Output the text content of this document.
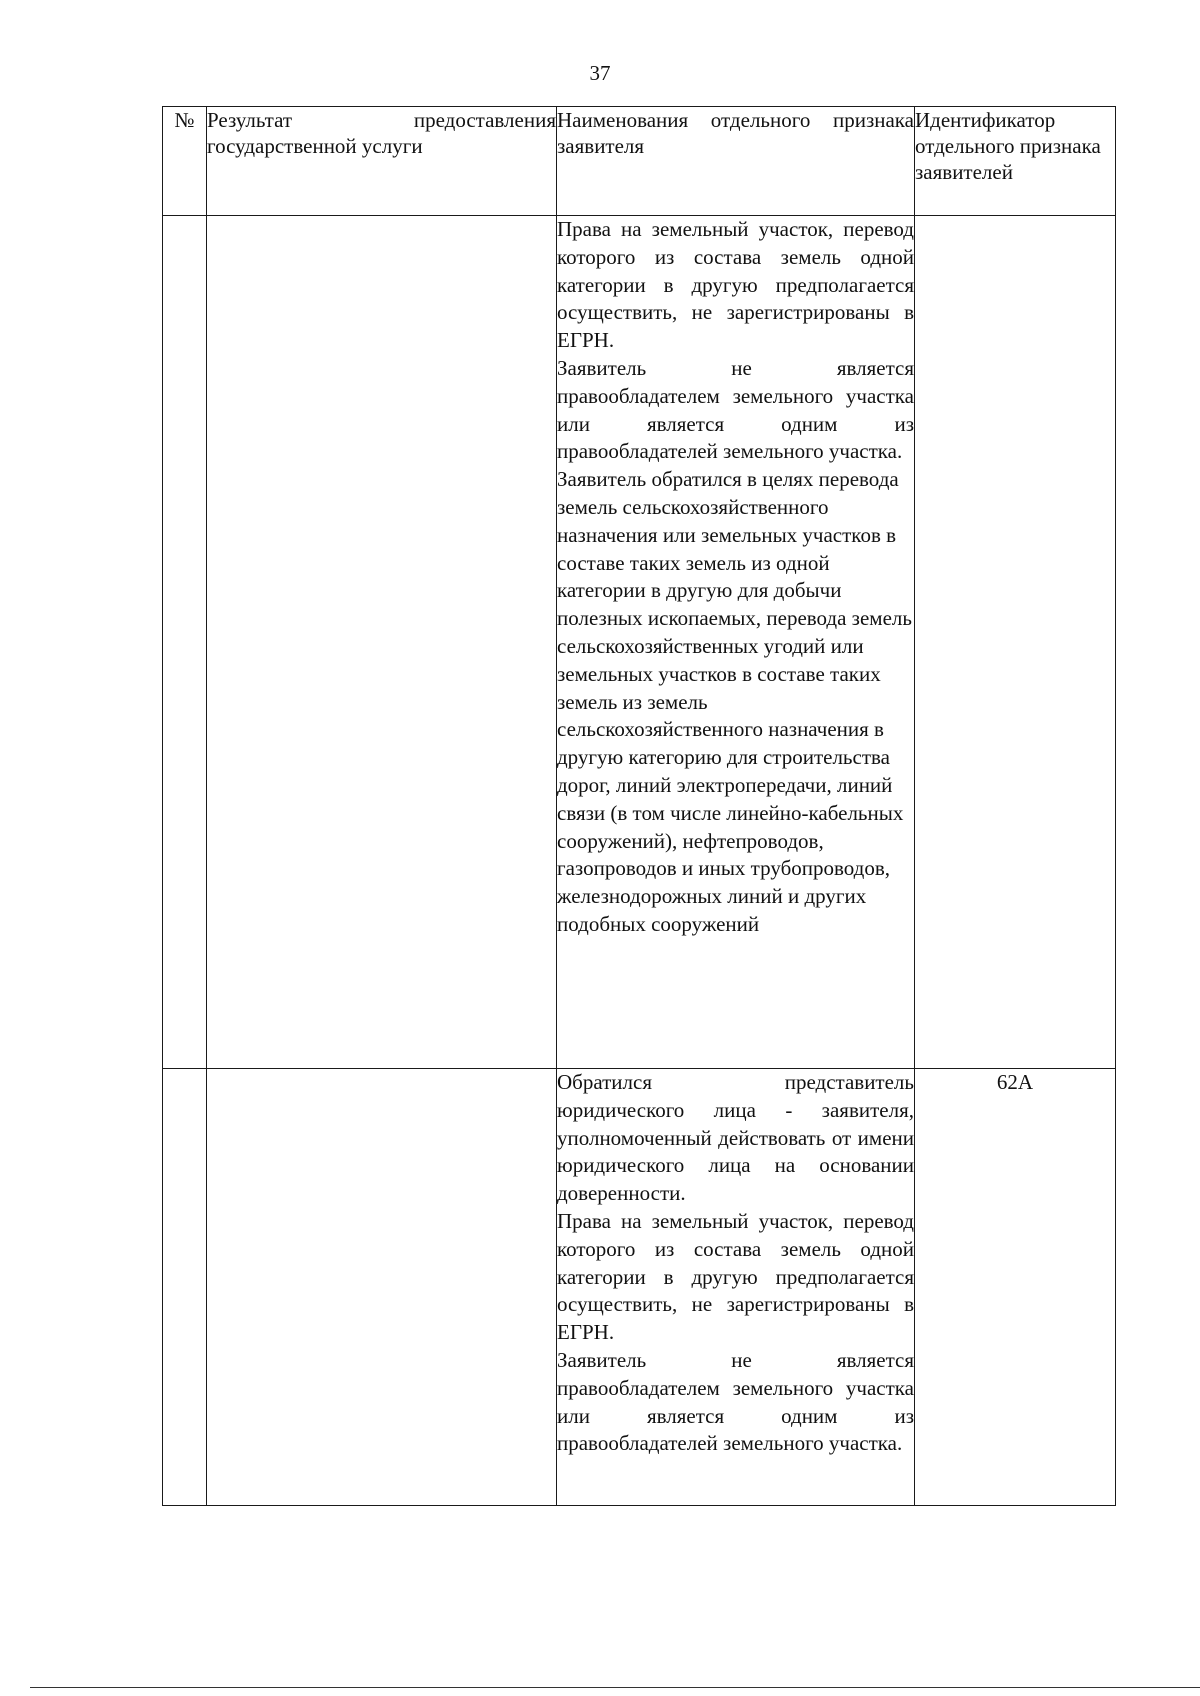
37
№	Результат предоставления государственной услуги	Наименования отдельного признака заявителя	Идентификатор отдельного признака заявителей

		Права на земельный участок, перевод которого из состава земель одной категории в другую предполагается осуществить, не зарегистрированы в ЕГРН.

Заявитель не является правообладателем земельного участка или является одним из правообладателей земельного участка.

Заявитель обратился в целях перевода земель сельскохозяйственного назначения или земельных участков в составе таких земель из одной категории в другую для добычи полезных ископаемых, перевода земель сельскохозяйственных угодий или земельных участков в составе таких земель из земель сельскохозяйственного назначения в другую категорию для строительства дорог, линий электропередачи, линий связи (в том числе линейно-кабельных сооружений), нефтепроводов, газопроводов и иных трубопроводов, железнодорожных линий и других подобных сооружений	

		Обратился представитель юридического лица - заявителя, уполномоченный действовать от имени юридического лица на основании доверенности.

Права на земельный участок, перевод которого из состава земель одной категории в другую предполагается осуществить, не зарегистрированы в ЕГРН.

Заявитель не является правообладателем земельного участка или является одним из правообладателей земельного участка.	62А
